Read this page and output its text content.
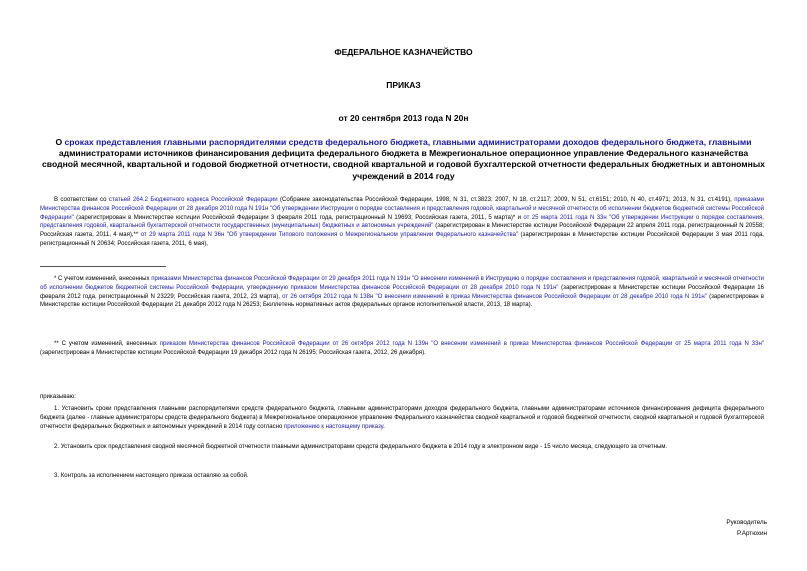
ФЕДЕРАЛЬНОЕ КАЗНАЧЕЙСТВО
ПРИКАЗ
от 20 сентября 2013 года N 20н
О сроках представления главными распорядителями средств федерального бюджета, главными администраторами доходов федерального бюджета, главными администраторами источников финансирования дефицита федерального бюджета в Межрегиональное операционное управление Федерального казначейства сводной месячной, квартальной и годовой бюджетной отчетности, сводной квартальной и годовой бухгалтерской отчетности федеральных бюджетных и автономных учреждений в 2014 году
В соответствии со статьей 264.2 Бюджетного кодекса Российской Федерации (Собрание законодательства Российской Федерации, 1998, N 31, ст.3823; 2007, N 18, ст.2117; 2009, N 51, ст.6151; 2010, N 40, ст.4971; 2013, N 31, ст.4191), приказами Министерства финансов Российской Федерации от 28 декабря 2010 года N 191н "Об утверждении Инструкции о порядке составления и представления годовой, квартальной и месячной отчетности об исполнении бюджетов бюджетной системы Российской Федерации" (зарегистрирован в Министерстве юстиции Российской Федерации 3 февраля 2011 года, регистрационный N 19693; Российская газета, 2011, 5 марта)* и от 25 марта 2011 года N 33н "Об утверждении Инструкции о порядке составления, представления годовой, квартальной бухгалтерской отчетности государственных (муниципальных) бюджетных и автономных учреждений" (зарегистрирован в Министерстве юстиции Российской Федерации 22 апреля 2011 года, регистрационный N 20558; Российская газета, 2011, 4 мая),** от 29 марта 2011 года N 36н "Об утверждении Типового положения о Межрегиональном управлении Федерального казначейства" (зарегистрирован в Министерстве юстиции Российской Федерации 3 мая 2011 года, регистрационный N 20634; Российская газета, 2011, 6 мая),
* С учетом изменений, внесенных приказами Министерства финансов Российской Федерации от 29 декабря 2011 года N 191н "О внесении изменений в Инструкцию о порядке составления и представления годовой, квартальной и месячной отчетности об исполнении бюджетов бюджетной системы Российской Федерации, утвержденную приказом Министерства финансов Российской Федерации от 28 декабря 2010 года N 191н" (зарегистрирован в Министерстве юстиции Российской Федерации 16 февраля 2012 года, регистрационный N 23229; Российская газета, 2012, 23 марта), от 26 октября 2012 года N 138н "О внесении изменений в приказ Министерства финансов Российской Федерации от 28 декабря 2010 года N 191н" (зарегистрирован в Министерстве юстиции Российской Федерации 21 декабря 2012 года N 26253; Бюллетень нормативных актов федеральных органов исполнительной власти, 2013, 18 марта).
** С учетом изменений, внесенных приказом Министерства финансов Российской Федерации от 26 октября 2012 года N 139н "О внесении изменений в приказ Министерства финансов Российской Федерации от 25 марта 2011 года N 33н" (зарегистрирован в Министерстве юстиции Российской Федерации 19 декабря 2012 года N 26195; Российская газета, 2012, 26 декабря).
приказываю:
1. Установить сроки представления главными распорядителями средств федерального бюджета, главными администраторами доходов федерального бюджета, главными администраторами источников финансирования дефицита федерального бюджета (далее - главные администраторы средств федерального бюджета) в Межрегиональное операционное управление Федерального казначейства сводной квартальной и годовой бюджетной отчетности, сводной квартальной и годовой бухгалтерской отчетности федеральных бюджетных и автономных учреждений в 2014 году согласно приложению к настоящему приказу.
2. Установить срок представления сводной месячной бюджетной отчетности главными администраторами средств федерального бюджета в 2014 году в электронном виде - 15 число месяца, следующего за отчетным.
3. Контроль за исполнением настоящего приказа оставляю за собой.
Руководитель
Р.Артюхин
